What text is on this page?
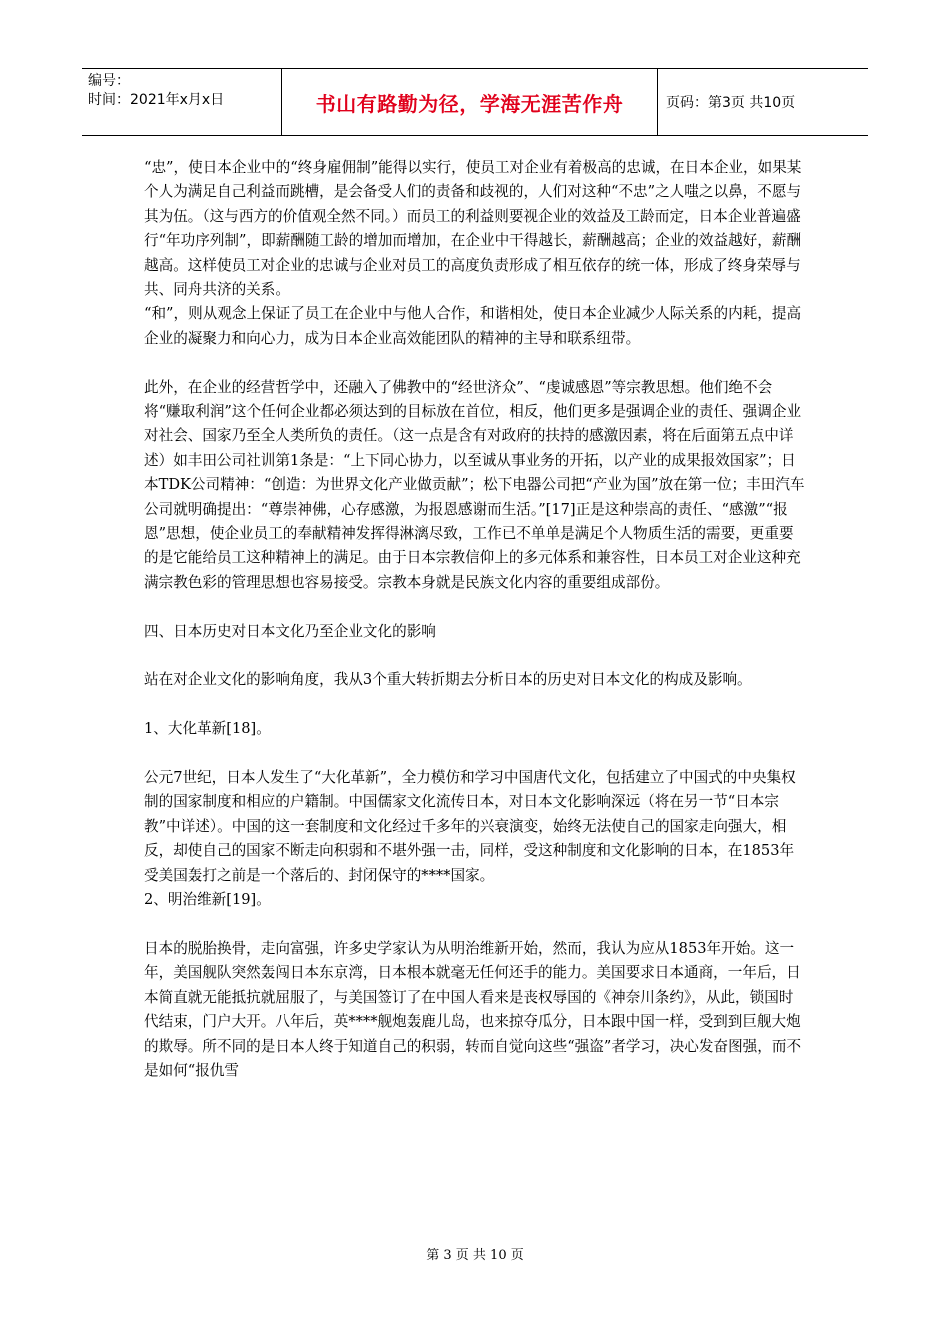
编号：
时间：2021年x月x日	书山有路勤为径，学海无涯苦作舟	页码：第3页 共10页

“忠”，使日本企业中的“终身雇佣制”能得以实行，使员工对企业有着极高的忠诚，在日本企业，如果某个人为满足自己利益而跳槽，是会备受人们的责备和歧视的，人们对这种“不忠”之人嗤之以鼻，不愿与其为伍。（这与西方的价值观全然不同。）而员工的利益则要视企业的效益及工龄而定，日本企业普遍盛行“年功序列制”，即薪酬随工龄的增加而增加，在企业中干得越长，薪酬越高；企业的效益越好，薪酬越高。这样使员工对企业的忠诚与企业对员工的高度负责形成了相互依存的统一体，形成了终身荣辱与共、同舟共济的关系。

“和”，则从观念上保证了员工在企业中与他人合作，和谐相处，使日本企业减少人际关系的内耗，提高企业的凝聚力和向心力，成为日本企业高效能团队的精神的主导和联系纽带。

此外，在企业的经营哲学中，还融入了佛教中的“经世济众”、“虔诚感恩”等宗教思想。他们绝不会将“赚取利润”这个任何企业都必须达到的目标放在首位，相反，他们更多是强调企业的责任、强调企业对社会、国家乃至全人类所负的责任。（这一点是含有对政府的扶持的感激因素，将在后面第五点中详述）如丰田公司社训第1条是：“上下同心协力，以至诚从事业务的开拓，以产业的成果报效国家”；日本TDK公司精神：“创造：为世界文化产业做贡献”；松下电器公司把“产业为国”放在第一位；丰田汽车公司就明确提出：“尊崇神佛，心存感激，为报恩感谢而生活。”[17]正是这种崇高的责任、“感激”“报恩”思想，使企业员工的奉献精神发挥得淋漓尽致，工作已不单单是满足个人物质生活的需要，更重要的是它能给员工这种精神上的满足。由于日本宗教信仰上的多元体系和兼容性，日本员工对企业这种充满宗教色彩的管理思想也容易接受。宗教本身就是民族文化内容的重要组成部份。

四、日本历史对日本文化乃至企业文化的影响

站在对企业文化的影响角度，我从3个重大转折期去分析日本的历史对日本文化的构成及影响。

1、大化革新[18]。

公元7世纪，日本人发生了“大化革新”，全力模仿和学习中国唐代文化，包括建立了中国式的中央集权制的国家制度和相应的户籍制。中国儒家文化流传日本，对日本文化影响深远（将在另一节“日本宗教”中详述）。中国的这一套制度和文化经过千多年的兴衰演变，始终无法使自己的国家走向强大，相反，却使自己的国家不断走向积弱和不堪外强一击，同样，受这种制度和文化影响的日本，在1853年受美国轰打之前是一个落后的、封闭保守的****国家。

2、明治维新[19]。

日本的脱胎换骨，走向富强，许多史学家认为从明治维新开始，然而，我认为应从1853年开始。这一年，美国舰队突然轰闯日本东京湾，日本根本就毫无任何还手的能力。美国要求日本通商，一年后，日本简直就无能抵抗就屈服了，与美国签订了在中国人看来是丧权辱国的《神奈川条约》，从此，锁国时代结束，门户大开。八年后，英****舰炮轰鹿儿岛，也来掠夺瓜分，日本跟中国一样，受到到巨舰大炮的欺辱。所不同的是日本人终于知道自己的积弱，转而自觉向这些“强盗”者学习，决心发奋图强，而不是如何“报仇雪

第 3 页 共 10 页
